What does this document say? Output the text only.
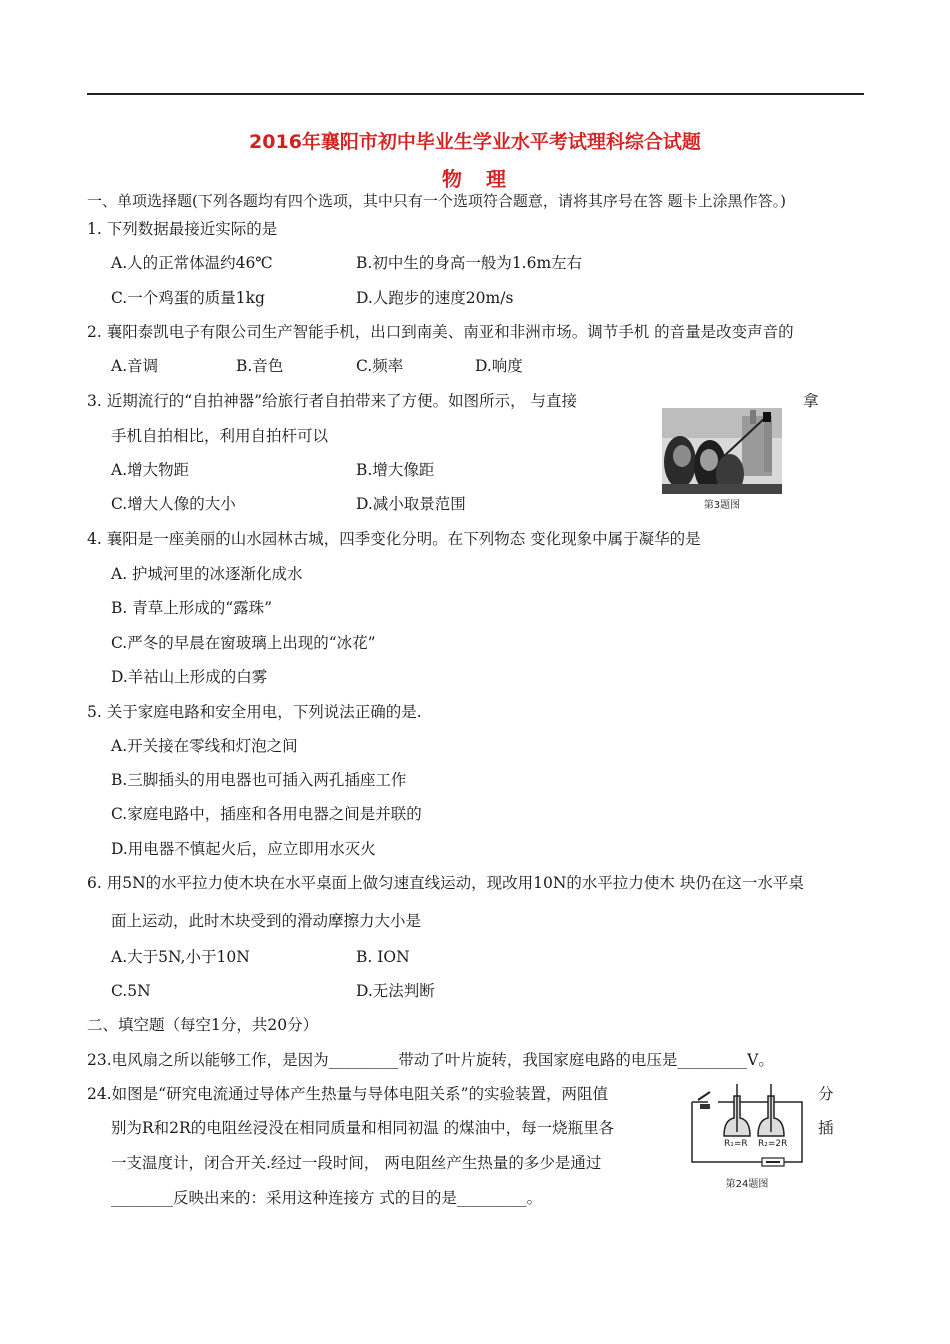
2016年襄阳市初中毕业生学业水平考试理科综合试题
物　理
一、单项选择题(下列各题均有四个选项，其中只有一个选项符合题意，请将其序号在答 题卡上涂黑作答。)
1. 下列数据最接近实际的是
A.人的正常体温约46℃	B.初中生的身高一般为1.6m左右
C.一个鸡蛋的质量1kg	D.人跑步的速度20m/s
2. 襄阳泰凯电子有限公司生产智能手机，出口到南美、南亚和非洲市场。调节手机 的音量是改变声音的
A.音调	B.音色	C.频率	D.响度
3. 近期流行的“自拍神器”给旅行者自拍带来了方便。如图所示， 与直接	拿
手机自拍相比，利用自拍杆可以
A.增大物距	B.增大像距
C.增大人像的大小	D.减小取景范围	第3题图
4. 襄阳是一座美丽的山水园林古城，四季变化分明。在下列物态 变化现象中属于凝华的是
A. 护城河里的冰逐渐化成水
B. 青草上形成的“露珠”
C.严冬的早晨在窗玻璃上出现的“冰花”
D.羊祜山上形成的白雾
5. 关于家庭电路和安全用电，下列说法正确的是.
A.开关接在零线和灯泡之间
B.三脚插头的用电器也可插入两孔插座工作
C.家庭电路中，插座和各用电器之间是并联的
D.用电器不慎起火后，应立即用水灭火
6. 用5N的水平拉力使木块在水平桌面上做匀速直线运动，现改用10N的水平拉力使木 块仍在这一水平桌
面上运动，此时木块受到的滑动摩擦力大小是
A.大于5N,小于10N	B. ION
C.5N	D.无法判断
二、填空题（每空1分，共20分）
23.电风扇之所以能够工作，是因为_________带动了叶片旋转，我国家庭电路的电压是_________V。
24.如图是“研究电流通过导体产生热量与导体电阻关系”的实验装置，两阻值	分
别为R和2R的电阻丝浸没在相同质量和相同初温 的煤油中，每一烧瓶里各	插
一支温度计，闭合开关.经过一段时间， 两电阻丝产生热量的多少是通过
________反映出来的：采用这种连接方 式的目的是_________。
R₁=R R₂=2R
第24题图
